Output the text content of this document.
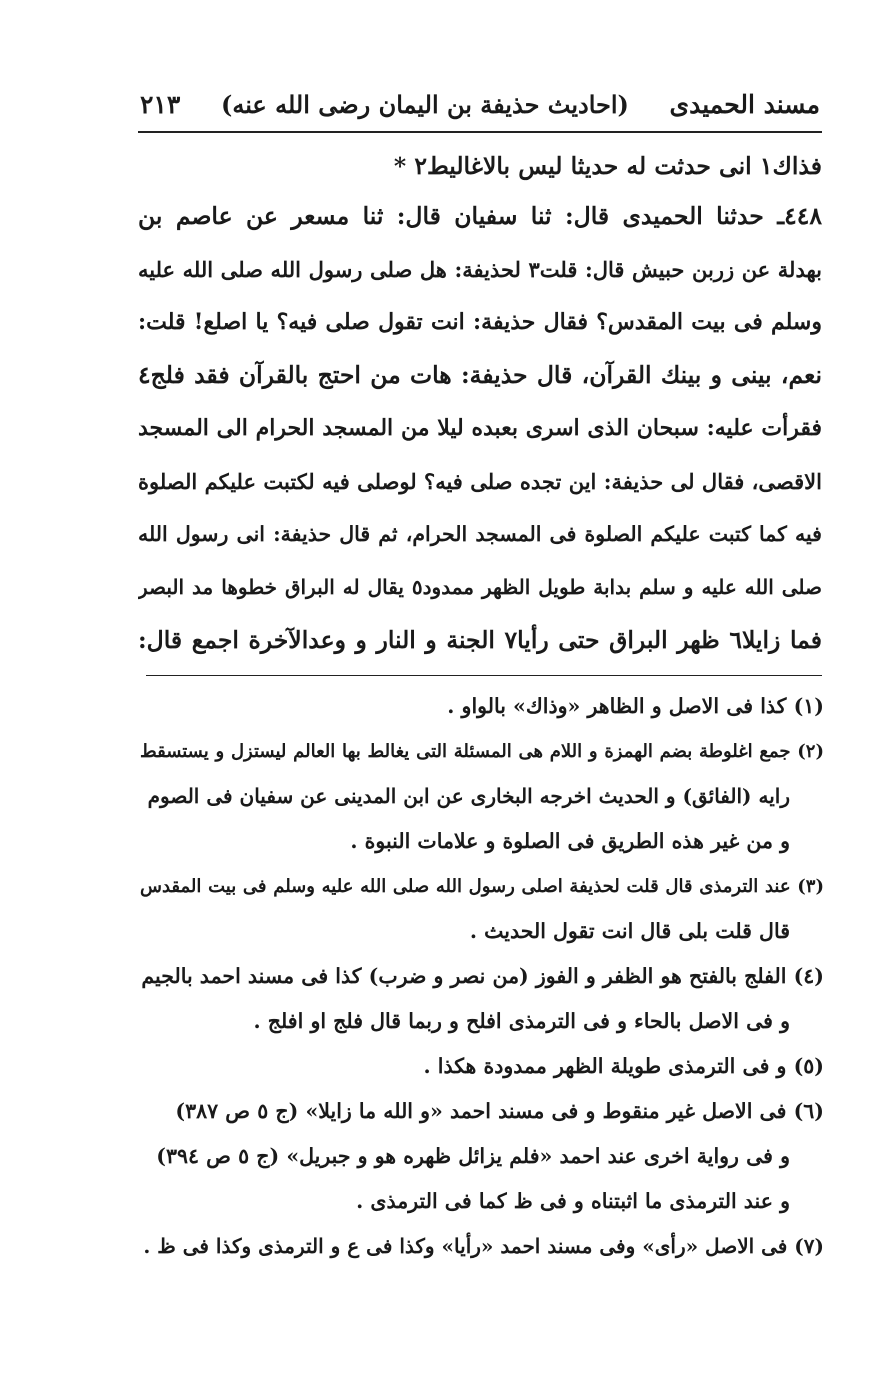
مسند الحميدى
(احاديث حذيفة بن اليمان رضى الله عنه)
٢١٣
فذاك١ انى حدثت له حديثا ليس بالاغاليط٢ *
٤٤٨ـ حدثنا الحميدى قال: ثنا سفيان قال: ثنا مسعر عن عاصم بن
بهدلة عن زربن حبيش قال: قلت٣ لحذيفة: هل صلى رسول الله صلى الله عليه
وسلم فى بيت المقدس؟ فقال حذيفة: انت تقول صلى فيه؟ يا اصلع! قلت:
نعم، بينى و بينك القرآن، قال حذيفة: هات من احتج بالقرآن فقد فلج٤
فقرأت عليه: سبحان الذى اسرى بعبده ليلا من المسجد الحرام الى المسجد
الاقصى، فقال لى حذيفة: اين تجده صلى فيه؟ لوصلى فيه لكتبت عليكم الصلوة
فيه كما كتبت عليكم الصلوة فى المسجد الحرام، ثم قال حذيفة: انى رسول الله
صلى الله عليه و سلم بدابة طويل الظهر ممدود٥ يقال له البراق خطوها مد البصر
فما زايلا٦ ظهر البراق حتى رأيا٧ الجنة و النار و وعدالآخرة اجمع قال:
(١) كذا فى الاصل و الظاهر «وذاك» بالواو .
(٢) جمع اغلوطة بضم الهمزة و اللام هى المسئلة التى يغالط بها العالم ليستزل و يستسقط
رايه (الفائق) و الحديث اخرجه البخارى عن ابن المدينى عن سفيان فى الصوم
و من غير هذه الطريق فى الصلوة و علامات النبوة .
(٣) عند الترمذى قال قلت لحذيفة اصلى رسول الله صلى الله عليه وسلم فى بيت المقدس
قال قلت بلى قال انت تقول الحديث .
(٤) الفلج بالفتح هو الظفر و الفوز (من نصر و ضرب) كذا فى مسند احمد بالجيم
و فى الاصل بالحاء و فى الترمذى افلح و ربما قال فلج او افلج .
(٥) و فى الترمذى طويلة الظهر ممدودة هكذا .
(٦) فى الاصل غير منقوط و فى مسند احمد «و الله ما زايلا» (ج ٥ ص ٣٨٧)
و فى رواية اخرى عند احمد «فلم يزائل ظهره هو و جبريل» (ج ٥ ص ٣٩٤)
و عند الترمذى ما اثبتناه و فى ظ كما فى الترمذى .
(٧) فى الاصل «رأى» وفى مسند احمد «رأيا» وكذا فى ع و الترمذى وكذا فى ظ .
